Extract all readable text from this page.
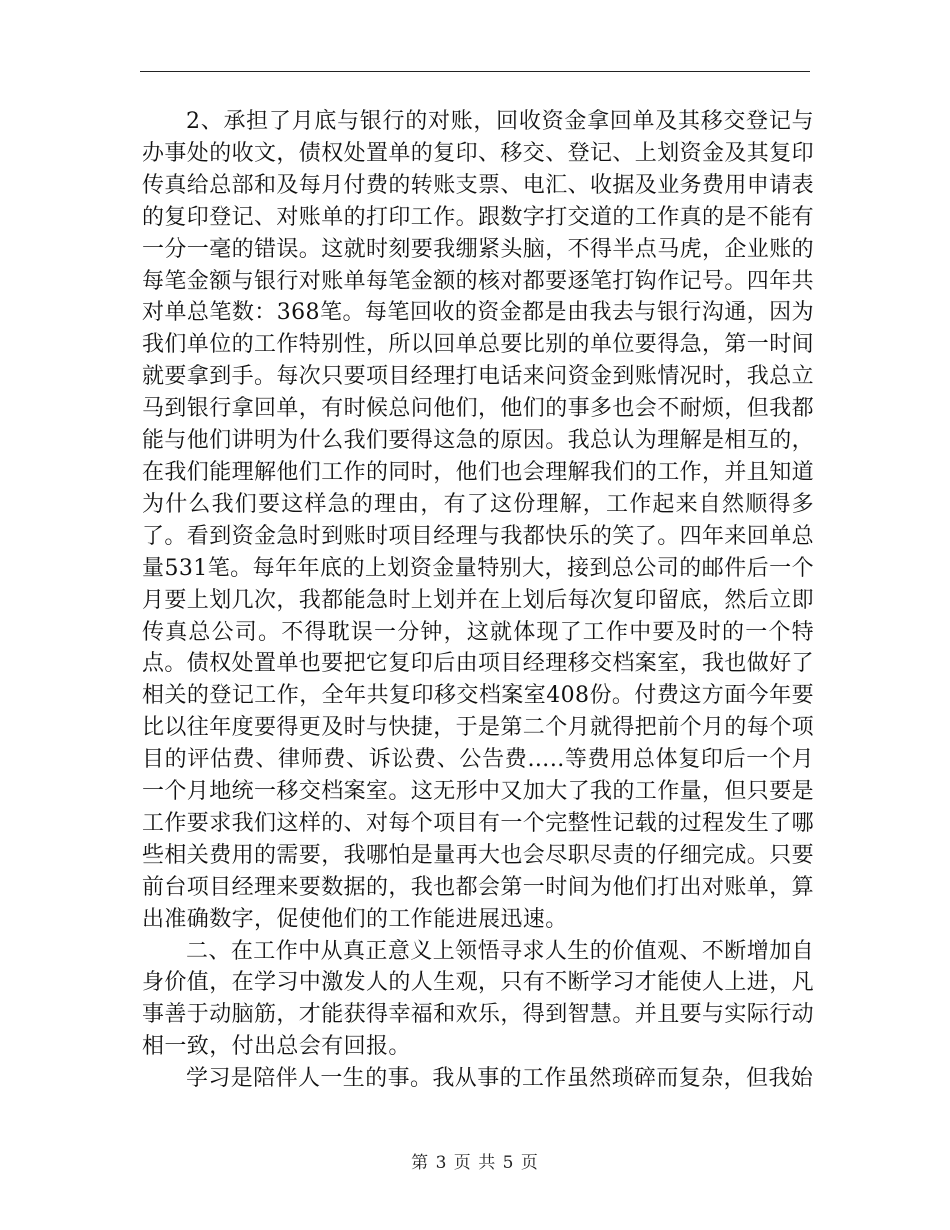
2、承担了月底与银行的对账，回收资金拿回单及其移交登记与办事处的收文，债权处置单的复印、移交、登记、上划资金及其复印传真给总部和及每月付费的转账支票、电汇、收据及业务费用申请表的复印登记、对账单的打印工作。跟数字打交道的工作真的是不能有一分一毫的错误。这就时刻要我绷紧头脑，不得半点马虎，企业账的每笔金额与银行对账单每笔金额的核对都要逐笔打钩作记号。四年共对单总笔数：368笔。每笔回收的资金都是由我去与银行沟通，因为我们单位的工作特别性，所以回单总要比别的单位要得急，第一时间就要拿到手。每次只要项目经理打电话来问资金到账情况时，我总立马到银行拿回单，有时候总问他们，他们的事多也会不耐烦，但我都能与他们讲明为什么我们要得这急的原因。我总认为理解是相互的，在我们能理解他们工作的同时，他们也会理解我们的工作，并且知道为什么我们要这样急的理由，有了这份理解，工作起来自然顺得多了。看到资金急时到账时项目经理与我都快乐的笑了。四年来回单总量531笔。每年年底的上划资金量特别大，接到总公司的邮件后一个月要上划几次，我都能急时上划并在上划后每次复印留底，然后立即传真总公司。不得耽误一分钟，这就体现了工作中要及时的一个特点。债权处置单也要把它复印后由项目经理移交档案室，我也做好了相关的登记工作，全年共复印移交档案室408份。付费这方面今年要比以往年度要得更及时与快捷，于是第二个月就得把前个月的每个项目的评估费、律师费、诉讼费、公告费…..等费用总体复印后一个月一个月地统一移交档案室。这无形中又加大了我的工作量，但只要是工作要求我们这样的、对每个项目有一个完整性记载的过程发生了哪些相关费用的需要，我哪怕是量再大也会尽职尽责的仔细完成。只要前台项目经理来要数据的，我也都会第一时间为他们打出对账单，算出准确数字，促使他们的工作能进展迅速。

二、在工作中从真正意义上领悟寻求人生的价值观、不断增加自身价值，在学习中激发人的人生观，只有不断学习才能使人上进，凡事善于动脑筋，才能获得幸福和欢乐，得到智慧。并且要与实际行动相一致，付出总会有回报。

学习是陪伴人一生的事。我从事的工作虽然琐碎而复杂，但我始

第 3 页 共 5 页
